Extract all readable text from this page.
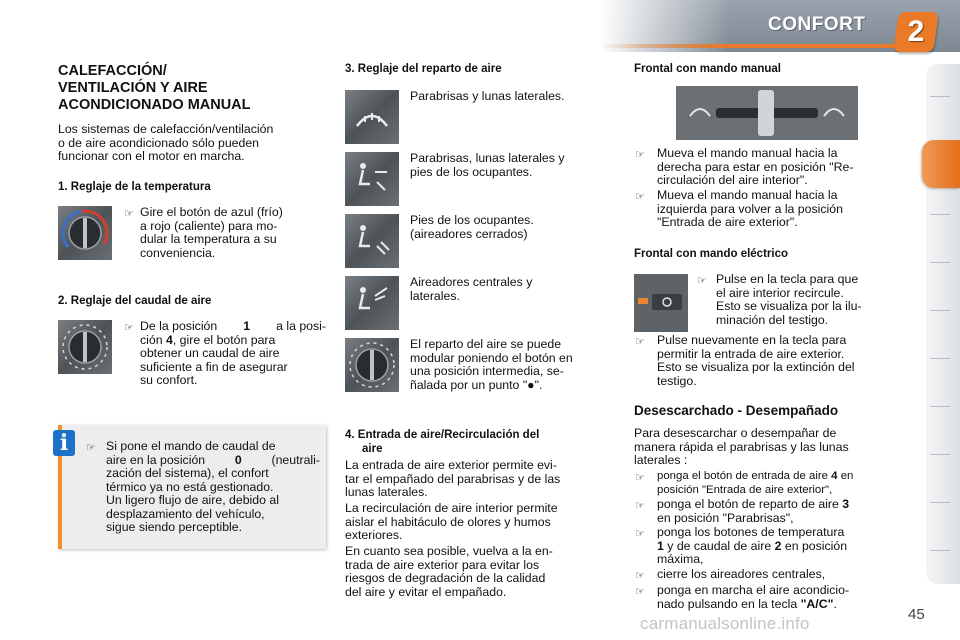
CONFORT	2
CALEFACCIÓN/
VENTILACIÓN Y AIRE
ACONDICIONADO MANUAL
Los sistemas de calefacción/ventilación
o de aire acondicionado sólo pueden
funcionar con el motor en marcha.
1. Reglaje de la temperatura
☞ Gire el botón de azul (frío)
a rojo (caliente) para mo-
dular la temperatura a su
conveniencia.
2. Reglaje del caudal de aire
☞ De la posición 1 a la posi-
ción 4, gire el botón para
obtener un caudal de aire
suficiente a fin de asegurar
su confort.
i	☞ Si pone el mando de caudal de
aire en la posición 0 (neutrali-
zación del sistema), el confort
térmico ya no está gestionado.
Un ligero flujo de aire, debido al
desplazamiento del vehículo,
sigue siendo perceptible.
3. Reglaje del reparto de aire
Parabrisas y lunas laterales.
Parabrisas, lunas laterales y
pies de los ocupantes.
Pies de los ocupantes.
(aireadores cerrados)
Aireadores centrales y
laterales.
El reparto del aire se puede
modular poniendo el botón en
una posición intermedia, se-
ñalada por un punto "●".
4. Entrada de aire/Recirculación del
aire
La entrada de aire exterior permite evi-
tar el empañado del parabrisas y de las
lunas laterales.
La recirculación de aire interior permite
aislar el habitáculo de olores y humos
exteriores.
En cuanto sea posible, vuelva a la en-
trada de aire exterior para evitar los
riesgos de degradación de la calidad
del aire y evitar el empañado.
Frontal con mando manual
☞ Mueva el mando manual hacia la
derecha para estar en posición "Re-
circulación del aire interior".
☞ Mueva el mando manual hacia la
izquierda para volver a la posición
"Entrada de aire exterior".
Frontal con mando eléctrico
☞ Pulse en la tecla para que
el aire interior recircule.
Esto se visualiza por la ilu-
minación del testigo.
☞ Pulse nuevamente en la tecla para
permitir la entrada de aire exterior.
Esto se visualiza por la extinción del
testigo.
Desescarchado - Desempañado
Para desescarchar o desempañar de
manera rápida el parabrisas y las lunas
laterales :
☞ ponga el botón de entrada de aire 4 en
posición "Entrada de aire exterior",
☞ ponga el botón de reparto de aire 3
en posición "Parabrisas",
☞ ponga los botones de temperatura
1 y de caudal de aire 2 en posición
máxima,
☞ cierre los aireadores centrales,
☞ ponga en marcha el aire acondicio-
nado pulsando en la tecla "A/C".
carmanualsonline.info	45
